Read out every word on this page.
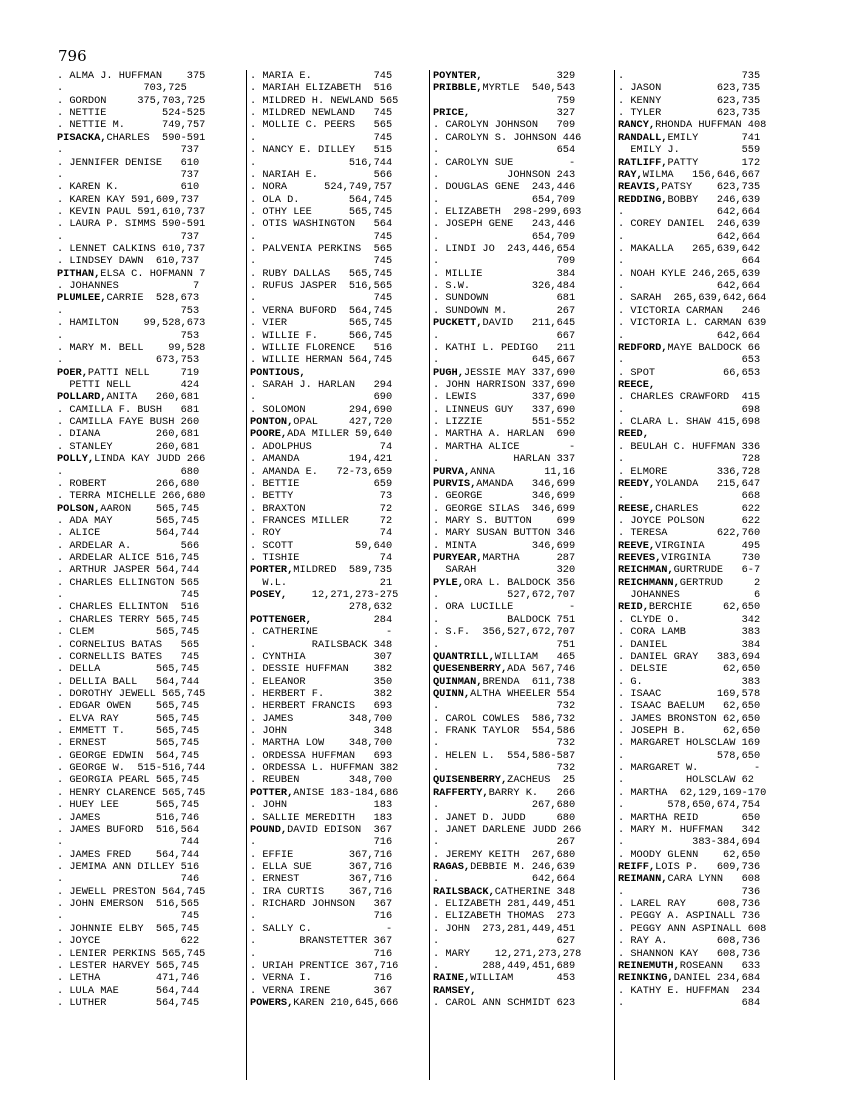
796
. ALMA J. HUFFMAN    375
.             703,725
. GORDON     375,703,725
. NETTIE         524-525
. NETTIE M.      749,757
PISACKA,CHARLES  590-591
.                   737
. JENNIFER DENISE   610
.                   737
. KAREN K.          610
. KAREN KAY 591,609,737
. KEVIN PAUL 591,610,737
. LAURA P. SIMMS 590-591
.                   737
. LENNET CALKINS 610,737
. LINDSEY DAWN  610,737
PITHAN,ELSA C. HOFMANN 7
. JOHANNES            7
PLUMLEE,CARRIE  528,673
.                   753
. HAMILTON    99,528,673
.                   753
. MARY M. BELL    99,528
.               673,753
POER,PATTI NELL     719
PETTI NELL        424
POLLARD,ANITA   260,681
. CAMILLA F. BUSH   681
. CAMILLA FAYE BUSH 260
. DIANA         260,681
. STANLEY       260,681
POLLY,LINDA KAY JUDD 266
.                   680
. ROBERT        266,680
. TERRA MICHELLE 266,680
POLSON,AARON    565,745
. ADA MAY       565,745
. ALICE         564,744
. ARDELAR A.        566
. ARDELAR ALICE 516,745
. ARTHUR JASPER 564,744
. CHARLES ELLINGTON 565
.                   745
. CHARLES ELLINTON  516
. CHARLES TERRY 565,745
. CLEM          565,745
. CORNELIUS BATAS   565
. CORNELLIS BATES   745
. DELLA         565,745
. DELLIA BALL   564,744
. DOROTHY JEWELL 565,745
. EDGAR OWEN    565,745
. ELVA RAY      565,745
. EMMETT T.     565,745
. ERNEST        565,745
. GEORGE EDWIN  564,745
. GEORGE W.  515-516,744
. GEORGIA PEARL 565,745
. HENRY CLARENCE 565,745
. HUEY LEE      565,745
. JAMES         516,746
. JAMES BUFORD  516,564
.                   744
. JAMES FRED    564,744
. JEMIMA ANN DILLEY 516
.                   746
. JEWELL PRESTON 564,745
. JOHN EMERSON  516,565
.                   745
. JOHNNIE ELBY  565,745
. JOYCE             622
. LENIER PERKINS 565,745
. LESTER HARVEY 565,745
. LETHA         471,746
. LULA MAE      564,744
. LUTHER        564,745
. MARIA E.          745
. MARIAH ELIZABETH  516
. MILDRED H. NEWLAND 565
. MILDRED NEWLAND   745
. MOLLIE C. PEERS   565
.                   745
. NANCY E. DILLEY   515
.               516,744
. NARIAH E.         566
. NORA      524,749,757
. OLA D.        564,745
. OTHY LEE      565,745
. OTIS WASHINGTON   564
.                   745
. PALVENIA PERKINS  565
.                   745
. RUBY DALLAS   565,745
. RUFUS JASPER  516,565
.                   745
. VERNA BUFORD  564,745
. VIER          565,745
. WILLIE F.     566,745
. WILLIE FLORENCE   516
. WILLIE HERMAN 564,745
PONTIOUS,
. SARAH J. HARLAN   294
.                   690
. SOLOMON       294,690
PONTON,OPAL     427,720
POORE,ADA MILLER 59,640
. ADOLPHUS           74
. AMANDA        194,421
. AMANDA E.   72-73,659
. BETTIE            659
. BETTY              73
. BRAXTON            72
. FRANCES MILLER     72
. ROY                74
. SCOTT          59,640
. TISHIE             74
PORTER,MILDRED  589,735
W.L.               21
POSEY,    12,271,273-275
278,632
POTTENGER,          284
. CATHERINE           -
.         RAILSBACK 348
. CYNTHIA           307
. DESSIE HUFFMAN    382
. ELEANOR           350
. HERBERT F.        382
. HERBERT FRANCIS   693
. JAMES         348,700
. JOHN              348
. MARTHA LOW    348,700
. ORDESSA HUFFMAN   693
. ORDESSA L. HUFFMAN 382
. REUBEN        348,700
POTTER,ANISE 183-184,686
. JOHN              183
. SALLIE MEREDITH   183
POUND,DAVID EDISON  367
.                   716
. EFFIE         367,716
. ELLA SUE      367,716
. ERNEST        367,716
. IRA CURTIS    367,716
. RICHARD JOHNSON   367
.                   716
. SALLY C.            -
.       BRANSTETTER 367
.                   716
. URIAH PRENTICE 367,716
. VERNA I.          716
. VERNA IRENE       367
POWERS,KAREN 210,645,666
POYNTER,            329
PRIBBLE,MYRTLE  540,543
759
PRICE,              327
. CAROLYN JOHNSON   709
. CAROLYN S. JOHNSON 446
.                   654
. CAROLYN SUE         -
.           JOHNSON 243
. DOUGLAS GENE  243,446
.               654,709
. ELIZABETH  298-299,693
. JOSEPH GENE   243,446
.               654,709
. LINDI JO  243,446,654
.                   709
. MILLIE            384
. S.W.          326,484
. SUNDOWN           681
. SUNDOWN M.        267
PUCKETT,DAVID   211,645
.                   667
. KATHI L. PEDIGO   211
.               645,667
PUGH,JESSIE MAY 337,690
. JOHN HARRISON 337,690
. LEWIS         337,690
. LINNEUS GUY   337,690
. LIZZIE        551-552
. MARTHA A. HARLAN  690
. MARTHA ALICE        -
.            HARLAN 337
PURVA,ANNA        11,16
PURVIS,AMANDA   346,699
. GEORGE        346,699
. GEORGE SILAS  346,699
. MARY S. BUTTON    699
. MARY SUSAN BUTTON 346
. MINTA         346,699
PURYEAR,MARTHA      287
SARAH             320
PYLE,ORA L. BALDOCK 356
.           527,672,707
. ORA LUCILLE         -
.           BALDOCK 751
. S.F.  356,527,672,707
.                   751
QUANTRILL,WILLIAM   465
QUESENBERRY,ADA 567,746
QUINMAN,BRENDA  611,738
QUINN,ALTHA WHEELER 554
.                   732
. CAROL COWLES  586,732
. FRANK TAYLOR  554,586
.                   732
. HELEN L.  554,586-587
.                   732
QUISENBERRY,ZACHEUS  25
RAFFERTY,BARRY K.   266
.               267,680
. JANET D. JUDD     680
. JANET DARLENE JUDD 266
.                   267
. JEREMY KEITH  267,680
RAGAS,DEBBIE M. 246,639
.               642,664
RAILSBACK,CATHERINE 348
. ELIZABETH 281,449,451
. ELIZABETH THOMAS  273
. JOHN  273,281,449,451
.                   627
. MARY    12,271,273,278
.       288,449,451,689
RAINE,WILLIAM       453
RAMSEY,
. CAROL ANN SCHMIDT 623
.                   735
. JASON         623,735
. KENNY         623,735
. TYLER         623,735
RANCY,RHONDA HUFFMAN 408
RANDALL,EMILY       741
EMILY J.          559
RATLIFF,PATTY       172
RAY,WILMA   156,646,667
REAVIS,PATSY    623,735
REDDING,BOBBY   246,639
.               642,664
. COREY DANIEL  246,639
.               642,664
. MAKALLA   265,639,642
.                   664
. NOAH KYLE 246,265,639
.               642,664
. SARAH  265,639,642,664
. VICTORIA CARMAN   246
. VICTORIA L. CARMAN 639
.               642,664
REDFORD,MAYE BALDOCK 66
.                   653
. SPOT           66,653
REECE,
. CHARLES CRAWFORD  415
.                   698
. CLARA L. SHAW 415,698
REED,
. BEULAH C. HUFFMAN 336
.                   728
. ELMORE        336,728
REEDY,YOLANDA   215,647
.                   668
REESE,CHARLES       622
. JOYCE POLSON      622
. TERESA        622,760
REEVE,VIRGINIA      495
REEVES,VIRGINIA     730
REICHMAN,GURTRUDE   6-7
REICHMANN,GERTRUD     2
JOHANNES            6
REID,BERCHIE     62,650
. CLYDE O.          342
. CORA LAMB         383
. DANIEL            384
. DANIEL GRAY   383,694
. DELSIE         62,650
. G.                383
. ISAAC         169,578
. ISAAC BAELUM   62,650
. JAMES BRONSTON 62,650
. JOSEPH B.      62,650
. MARGARET HOLSCLAW 169
.               578,650
. MARGARET W.         -
.          HOLSCLAW 62
. MARTHA  62,129,169-170
.       578,650,674,754
. MARTHA REID       650
. MARY M. HUFFMAN   342
.           383-384,694
. MOODY GLENN    62,650
REIFF,LOIS P.   609,736
REIMANN,CARA LYNN   608
.                   736
. LAREL RAY     608,736
. PEGGY A. ASPINALL 736
. PEGGY ANN ASPINALL 608
. RAY A.        608,736
. SHANNON KAY   608,736
REINEMUTH,ROSEANN   633
REINKING,DANIEL 234,684
. KATHY E. HUFFMAN  234
.                   684
